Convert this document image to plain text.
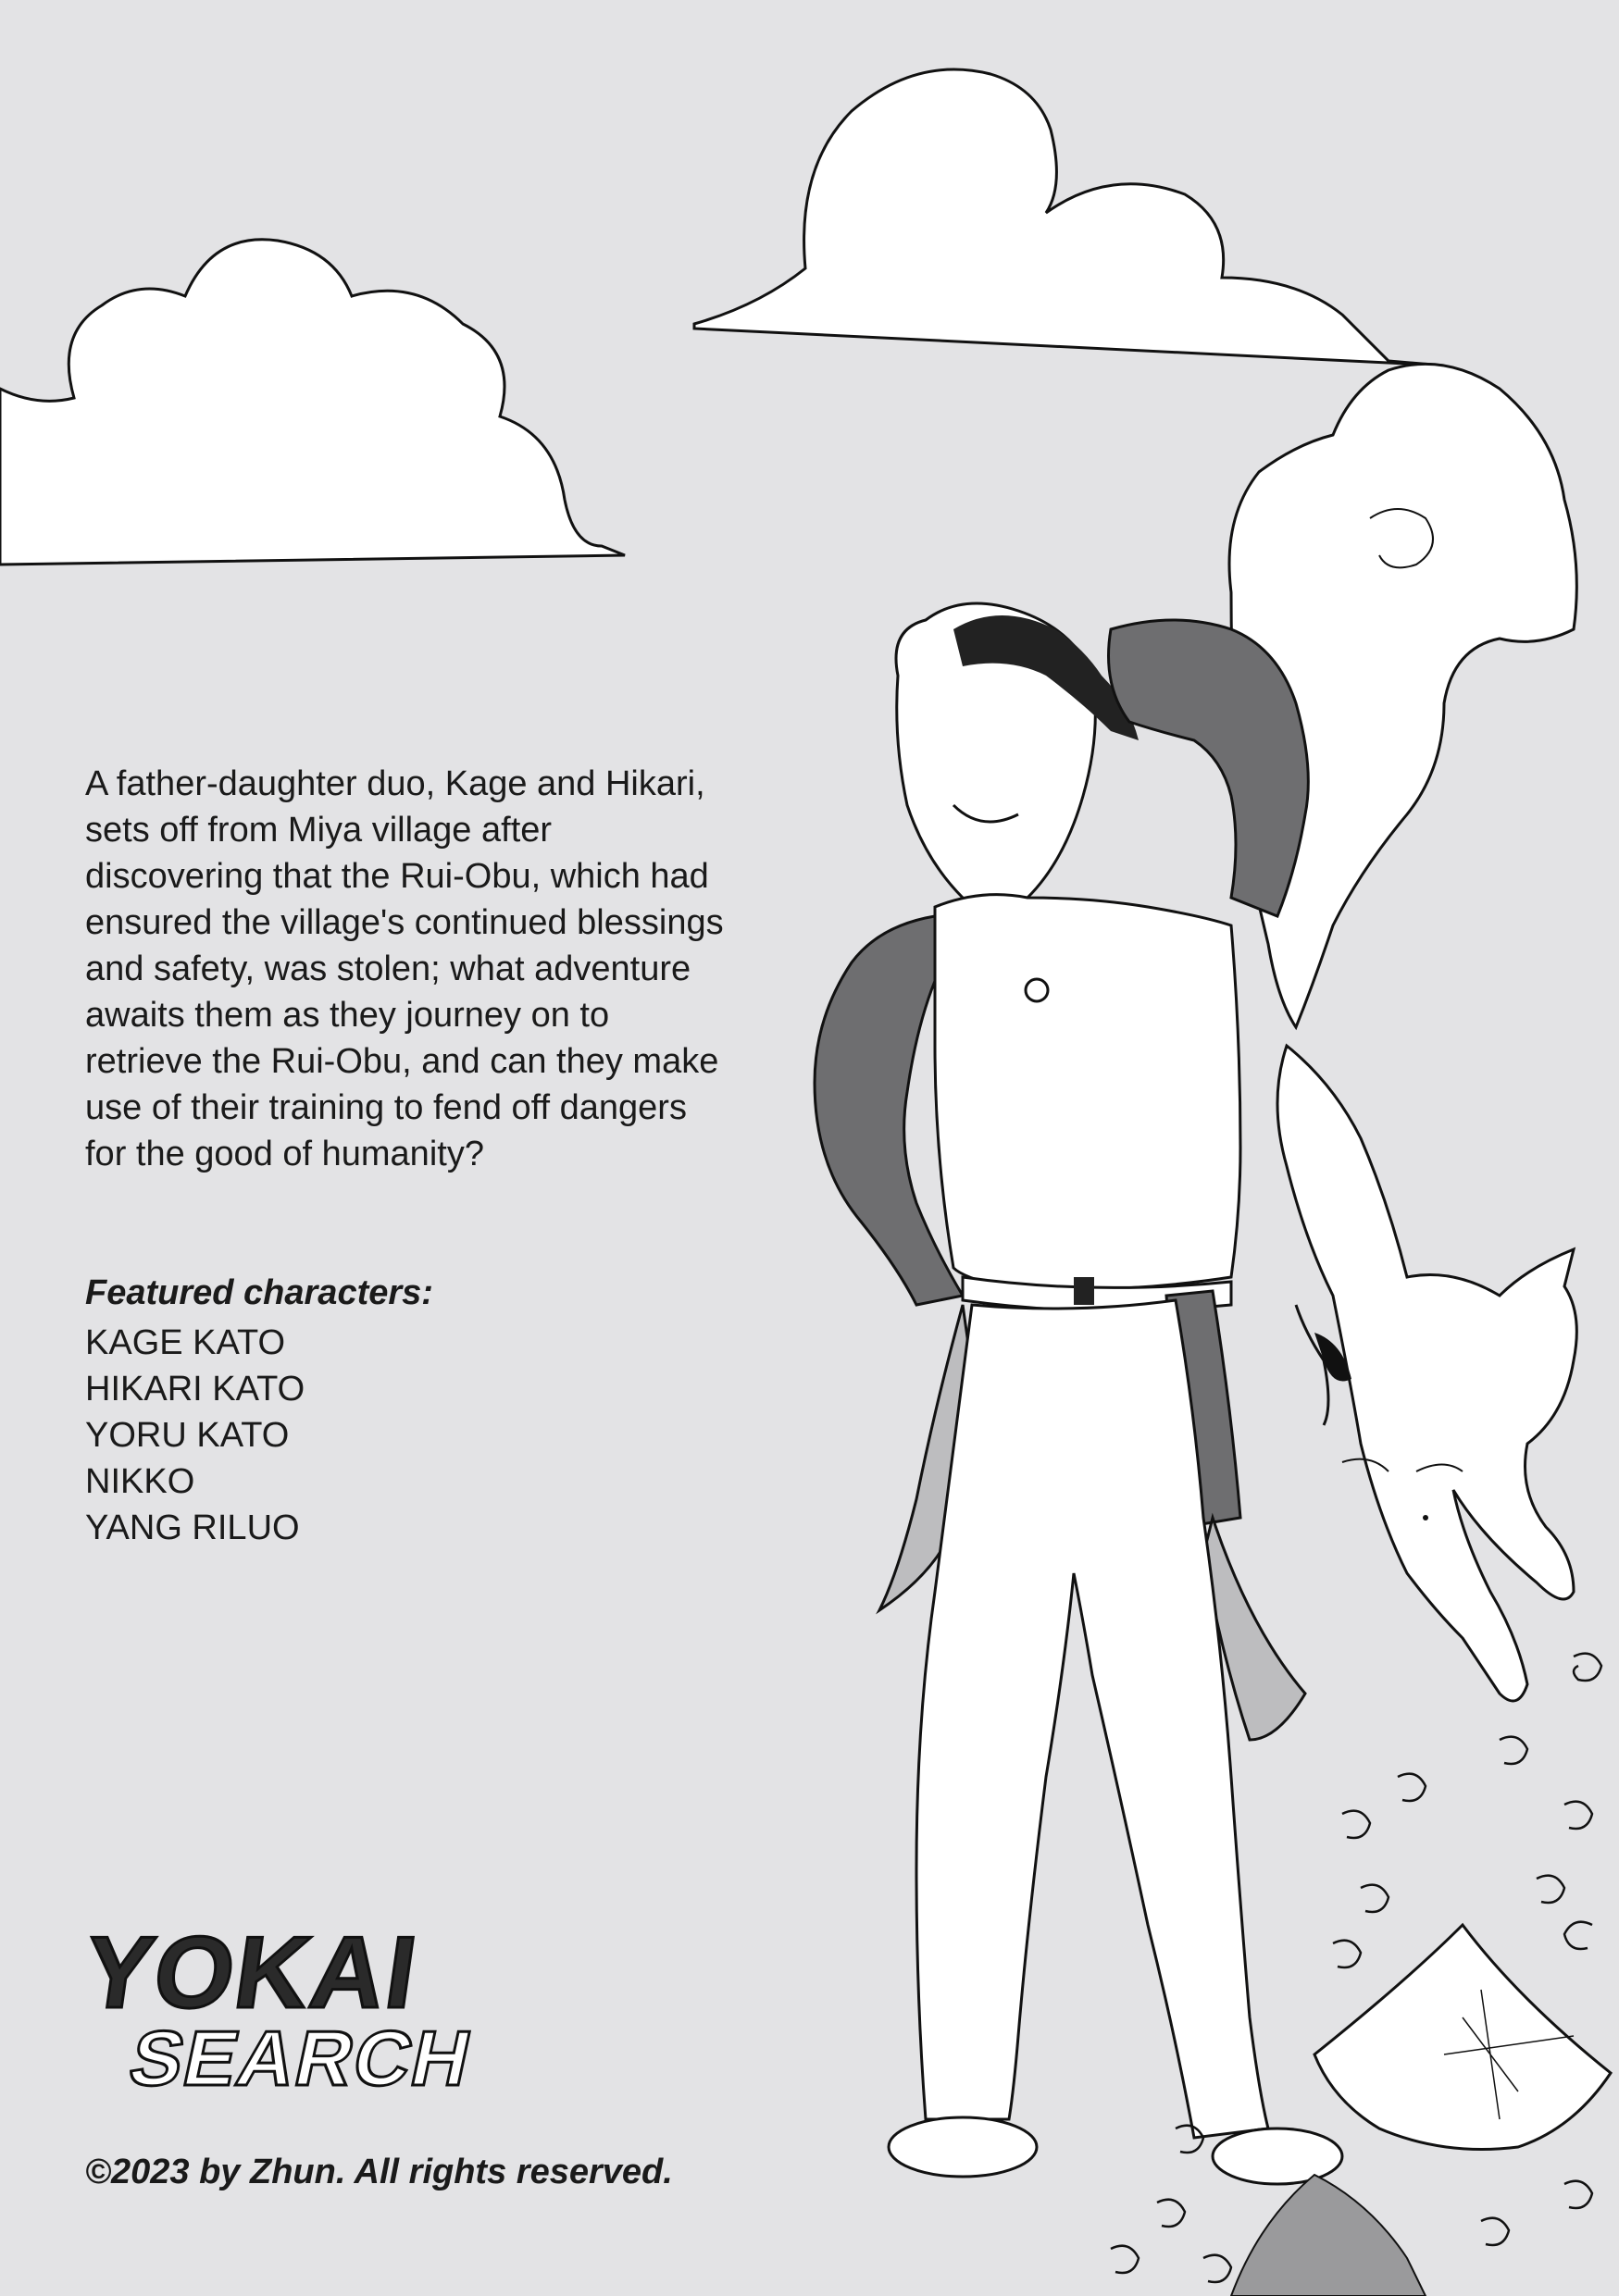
A father-daughter duo, Kage and Hikari, sets off from Miya village after discovering that the Rui-Obu, which had ensured the village's continued blessings and safety, was stolen; what adventure awaits them as they journey on to retrieve the Rui-Obu, and can they make use of their training to fend off dangers for the good of humanity?

Featured characters:

KAGE KATO
HIKARI KATO
YORU KATO
NIKKO
YANG RILUO
YOKAI
SEARCH

©2023 by Zhun. All rights reserved.
